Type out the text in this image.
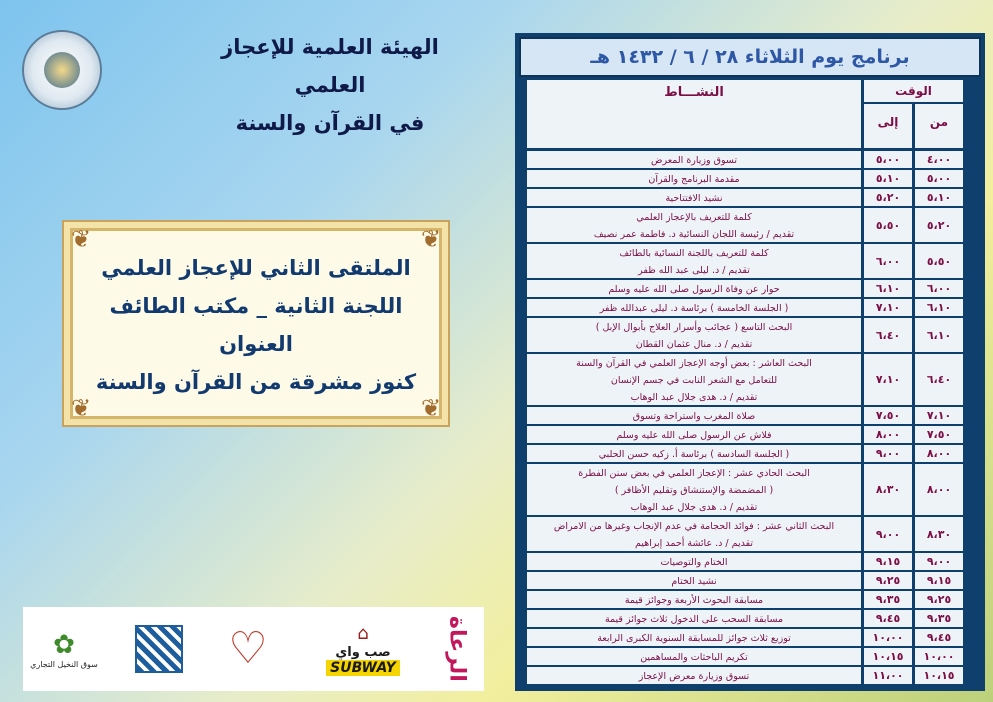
الهيئة العلمية للإعجاز العلمي
في القرآن والسنة
❦	❦
❦	❦
الملتقى الثاني للإعجاز العلمي
اللجنة الثانية _ مكتب الطائف
العنوان
كنوز مشرقة من القرآن والسنة
✿
سوق النخيل التجاري	♡	⌂
صب واي
SUBWAY الرعاة
برنامج يوم الثلاثاء ٢٨ / ٦ / ١٤٣٢ هـ
النشـــاط	الوقت
إلى	من
تسوق وزيارة المعرض	٥،٠٠	٤،٠٠
مقدمة البرنامج والقرآن	٥،١٠	٥،٠٠
نشيد الافتتاحية	٥،٢٠	٥،١٠
كلمة للتعريف بالإعجاز العلمي
تقديم / رئيسة اللجان النسائية د. فاطمة عمر نصيف
٥،٥٠	٥،٢٠
كلمة للتعريف باللجنة النسائية بالطائف
تقديم / د. ليلى عبد الله ظفر
٦،٠٠	٥،٥٠
حوار عن وفاة الرسول صلى الله عليه وسلم	٦،١٠	٦،٠٠
( الجلسة الخامسة ) برئاسة د. ليلى عبدالله ظفر	٧،١٠	٦،١٠
البحث التاسع ( عجائب وأسرار العلاج بأبوال الإبل )
تقديم / د. منال عثمان القطان
٦،٤٠	٦،١٠
البحث العاشر : بعض أوجه الإعجاز العلمي في القرآن والسنة
للتعامل مع الشعر النابت في جسم الإنسان
تقديم / د. هدى جلال عبد الوهاب
٧،١٠	٦،٤٠
صلاة المغرب واستراحة وتسوق	٧،٥٠	٧،١٠
فلاش عن الرسول صلى الله عليه وسلم	٨،٠٠	٧،٥٠
( الجلسة السادسة ) برئاسة أ. زكيه حسن الحلبي	٩،٠٠	٨،٠٠
البحث الحادي عشر : الإعجاز العلمي في بعض سنن الفطرة
( المضمضة والإستنشاق وتقليم الأظافر )
تقديم / د. هدى جلال عبد الوهاب
٨،٣٠	٨،٠٠
البحث الثاني عشر : فوائد الحجامة في عدم الإنجاب وغيرها من الامراض
تقديم / د. عائشة أحمد إبراهيم
٩،٠٠	٨،٣٠
الختام والتوصيات	٩،١٥	٩،٠٠
نشيد الختام	٩،٢٥	٩،١٥
مسابقة البحوث الأربعة وجوائز قيمة	٩،٣٥	٩،٢٥
مسابقة السحب على الدخول ثلاث جوائز قيمة	٩،٤٥	٩،٣٥
توزيع ثلاث جوائز للمسابقة السنوية الكبرى الرابعة	١٠،٠٠	٩،٤٥
تكريم الباحثات والمساهمين	١٠،١٥	١٠،٠٠
تسوق وزيارة معرض الإعجاز	١١،٠٠	١٠،١٥
